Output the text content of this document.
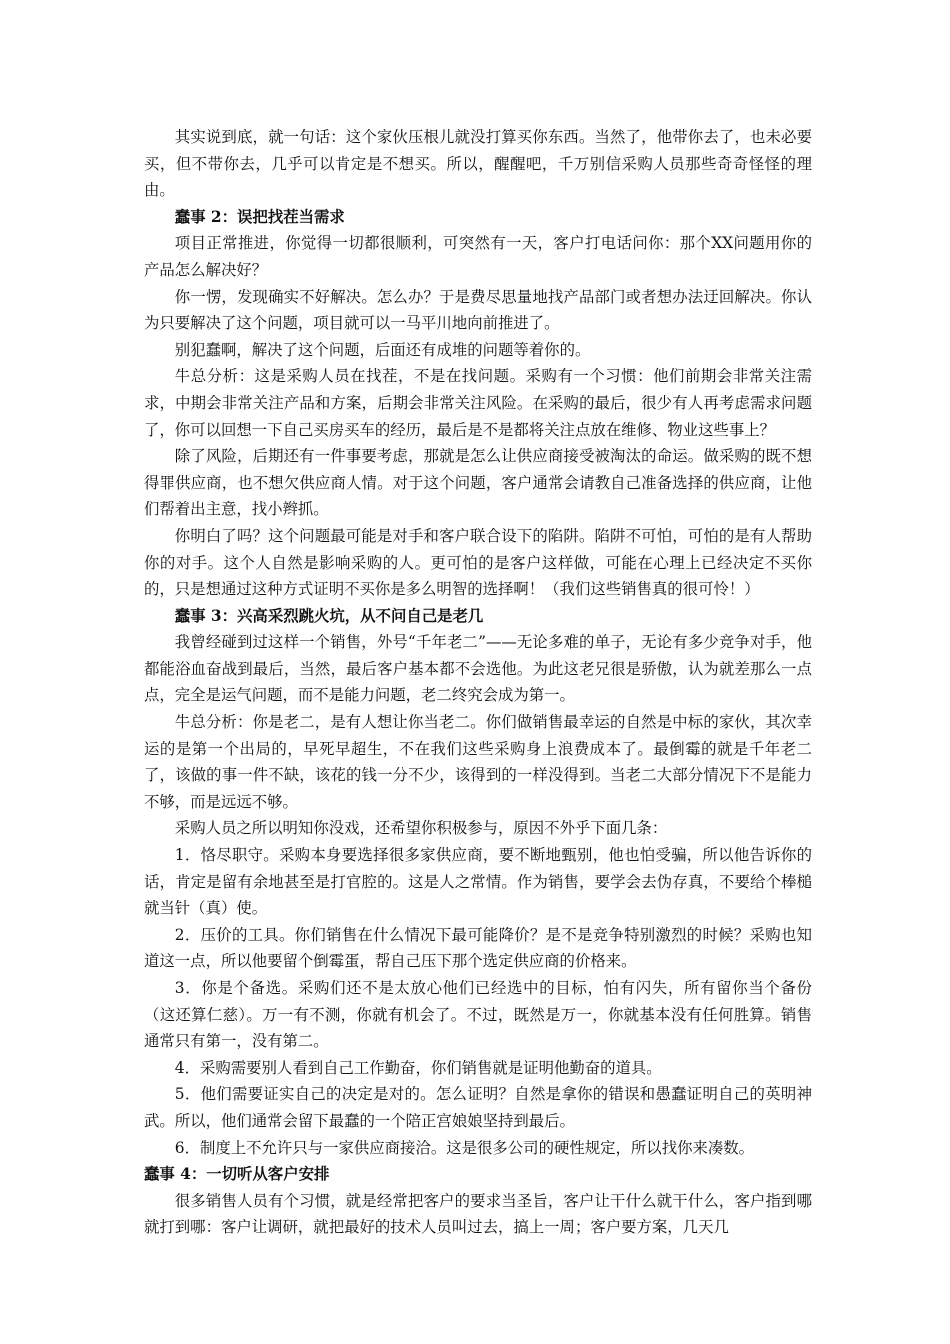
其实说到底，就一句话：这个家伙压根儿就没打算买你东西。当然了，他带你去了，也未必要买，但不带你去，几乎可以肯定是不想买。所以，醒醒吧，千万别信采购人员那些奇奇怪怪的理由。

蠢事 2：误把找茬当需求

项目正常推进，你觉得一切都很顺利，可突然有一天，客户打电话问你：那个XX问题用你的产品怎么解决好？

你一愣，发现确实不好解决。怎么办？于是费尽思量地找产品部门或者想办法迂回解决。你认为只要解决了这个问题，项目就可以一马平川地向前推进了。

别犯蠢啊，解决了这个问题，后面还有成堆的问题等着你的。

牛总分析：这是采购人员在找茬，不是在找问题。采购有一个习惯：他们前期会非常关注需求，中期会非常关注产品和方案，后期会非常关注风险。在采购的最后，很少有人再考虑需求问题了，你可以回想一下自己买房买车的经历，最后是不是都将关注点放在维修、物业这些事上？

除了风险，后期还有一件事要考虑，那就是怎么让供应商接受被淘汰的命运。做采购的既不想得罪供应商，也不想欠供应商人情。对于这个问题，客户通常会请教自己准备选择的供应商，让他们帮着出主意，找小辫抓。

你明白了吗？这个问题最可能是对手和客户联合设下的陷阱。陷阱不可怕，可怕的是有人帮助你的对手。这个人自然是影响采购的人。更可怕的是客户这样做，可能在心理上已经决定不买你的，只是想通过这种方式证明不买你是多么明智的选择啊！（我们这些销售真的很可怜！）

蠢事 3：兴高采烈跳火坑，从不问自己是老几

我曾经碰到过这样一个销售，外号“千年老二”——无论多难的单子，无论有多少竞争对手，他都能浴血奋战到最后，当然，最后客户基本都不会选他。为此这老兄很是骄傲，认为就差那么一点点，完全是运气问题，而不是能力问题，老二终究会成为第一。

牛总分析：你是老二，是有人想让你当老二。你们做销售最幸运的自然是中标的家伙，其次幸运的是第一个出局的，早死早超生，不在我们这些采购身上浪费成本了。最倒霉的就是千年老二了，该做的事一件不缺，该花的钱一分不少，该得到的一样没得到。当老二大部分情况下不是能力不够，而是远远不够。

采购人员之所以明知你没戏，还希望你积极参与，原因不外乎下面几条：

1．恪尽职守。采购本身要选择很多家供应商，要不断地甄别，他也怕受骗，所以他告诉你的话，肯定是留有余地甚至是打官腔的。这是人之常情。作为销售，要学会去伪存真，不要给个棒槌就当针（真）使。

2．压价的工具。你们销售在什么情况下最可能降价？是不是竞争特别激烈的时候？采购也知道这一点，所以他要留个倒霉蛋，帮自己压下那个选定供应商的价格来。

3．你是个备选。采购们还不是太放心他们已经选中的目标，怕有闪失，所有留你当个备份（这还算仁慈）。万一有不测，你就有机会了。不过，既然是万一，你就基本没有任何胜算。销售通常只有第一，没有第二。

4．采购需要别人看到自己工作勤奋，你们销售就是证明他勤奋的道具。

5．他们需要证实自己的决定是对的。怎么证明？自然是拿你的错误和愚蠢证明自己的英明神武。所以，他们通常会留下最蠢的一个陪正宫娘娘坚持到最后。

6．制度上不允许只与一家供应商接洽。这是很多公司的硬性规定，所以找你来凑数。

蠢事 4：一切听从客户安排

很多销售人员有个习惯，就是经常把客户的要求当圣旨，客户让干什么就干什么，客户指到哪就打到哪：客户让调研，就把最好的技术人员叫过去，搞上一周；客户要方案，几天几
